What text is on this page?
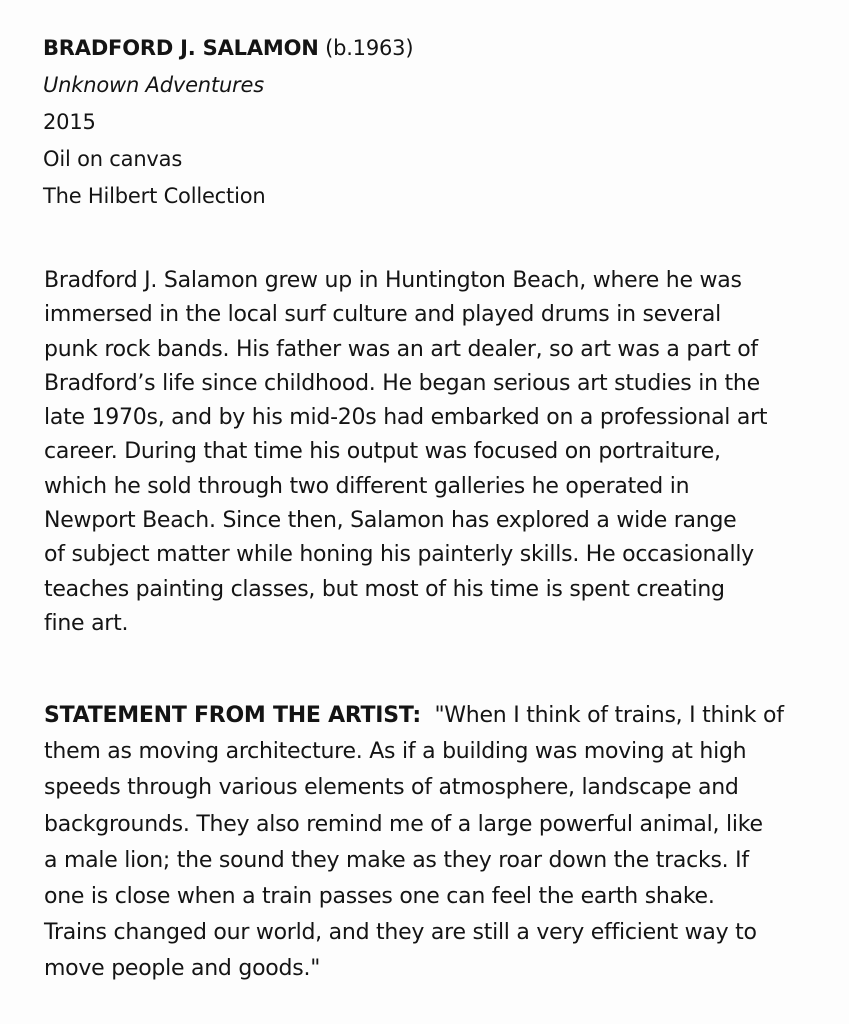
BRADFORD J. SALAMON (b.1963)
Unknown Adventures
2015
Oil on canvas
The Hilbert Collection
Bradford J. Salamon grew up in Huntington Beach, where he was
immersed in the local surf culture and played drums in several
punk rock bands. His father was an art dealer, so art was a part of
Bradford’s life since childhood. He began serious art studies in the
late 1970s, and by his mid-20s had embarked on a professional art
career. During that time his output was focused on portraiture,
which he sold through two different galleries he operated in
Newport Beach. Since then, Salamon has explored a wide range
of subject matter while honing his painterly skills. He occasionally
teaches painting classes, but most of his time is spent creating
fine art.
STATEMENT FROM THE ARTIST:  "When I think of trains, I think of
them as moving architecture. As if a building was moving at high
speeds through various elements of atmosphere, landscape and
backgrounds. They also remind me of a large powerful animal, like
a male lion; the sound they make as they roar down the tracks. If
one is close when a train passes one can feel the earth shake.
Trains changed our world, and they are still a very efficient way to
move people and goods."
